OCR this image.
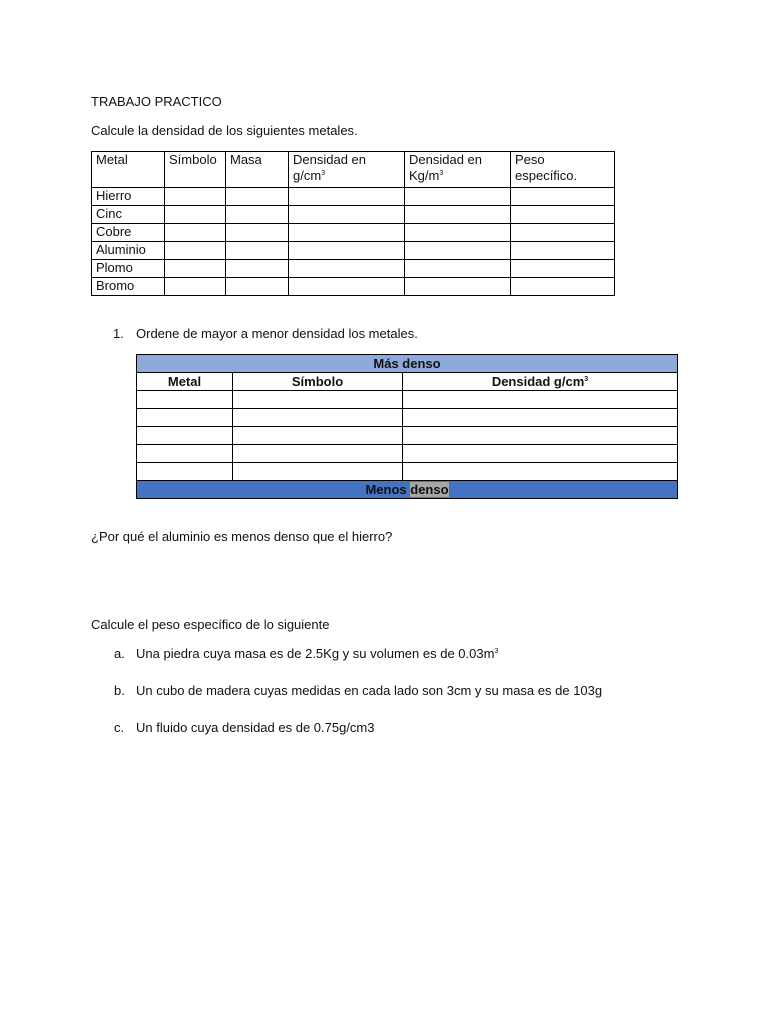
TRABAJO PRACTICO
Calcule la densidad de los siguientes metales.
Metal	Símbolo	Masa	Densidad en $g/cm^3$	Densidad en $Kg/m^3$	Peso específico.
Hierro					
Cinc					
Cobre					
Aluminio					
Plomo					
Bromo					
1. Ordene de mayor a menor densidad los metales.
Más denso		
Metal	Símbolo	Densidad $g/cm^3$

Menos denso		
¿Por qué el aluminio es menos denso que el hierro?
Calcule el peso específico de lo siguiente
a. Una piedra cuya masa es de 2.5Kg y su volumen es de $0.03m^3$
b. Un cubo de madera cuyas medidas en cada lado son 3cm y su masa es de 103g
c. Un fluido cuya densidad es de 0.75g/cm3
